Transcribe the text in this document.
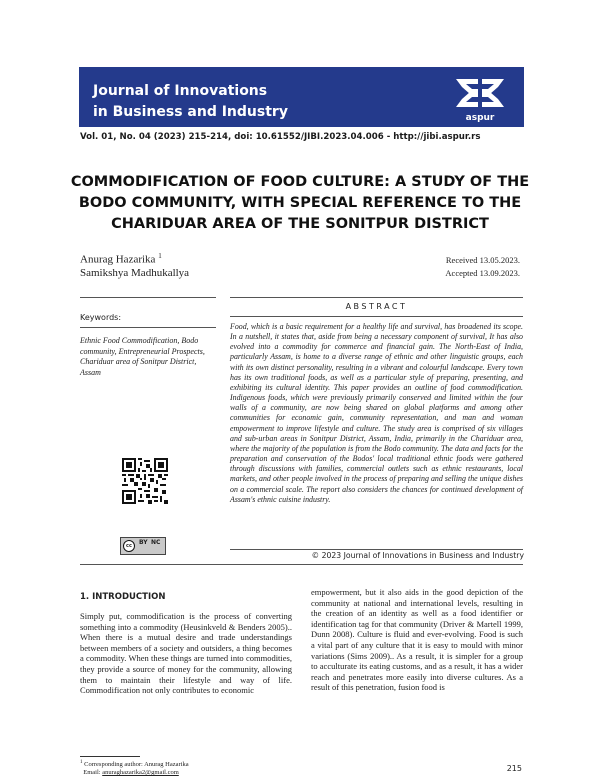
Journal of Innovations
in Business and Industry	aspur
Vol. 01, No. 04 (2023) 215-214, doi: 10.61552/JIBI.2023.04.006 - http://jibi.aspur.rs
COMMODIFICATION OF FOOD CULTURE: A STUDY OF THE
BODO COMMUNITY, WITH SPECIAL REFERENCE TO THE
CHARIDUAR AREA OF THE SONITPUR DISTRICT
Anurag Hazarika $^1$
Samikshya Madhukallya
Received 13.05.2023.
Accepted 13.09.2023.
Keywords:
Ethnic Food Commodification, Bodo community, Entrepreneurial Prospects, Chariduar area of Sonitpur District, Assam
ABSTRACT
Food, which is a basic requirement for a healthy life and survival, has broadened its scope. In a nutshell, it states that, aside from being a necessary component of survival, It has also evolved into a commodity for commerce and financial gain. The North-East of India, particularly Assam, is home to a diverse range of ethnic and other linguistic groups, each with its own distinct personality, resulting in a vibrant and colourful landscape. Every town has its own traditional foods, as well as a particular style of preparing, presenting, and exhibiting its cultural identity. This paper provides an outline of food commodification. Indigenous foods, which were previously primarily conserved and limited within the four walls of a community, are now being shared on global platforms and among other communities for economic gain, community representation, and man and woman empowerment to improve lifestyle and culture. The study area is comprised of six villages and sub-urban areas in Sonitpur District, Assam, India, primarily in the Chariduar area, where the majority of the population is from the Bodo community. The data and facts for the preparation and conservation of the Bodos' local traditional ethnic foods were gathered through discussions with families, commercial outlets such as ethnic restaurants, local markets, and other people involved in the process of preparing and selling the unique dishes on a commercial scale. The report also considers the chances for continued development of Assam's ethnic cuisine industry.
© 2023 Journal of Innovations in Business and Industry
cc	BY NC
1. INTRODUCTION
Simply put, commodification is the process of converting something into a commodity (Heusinkveld & Benders 2005).. When there is a mutual desire and trade understandings between members of a society and outsiders, a thing becomes a commodity. When these things are turned into commodities, they provide a source of money for the community, allowing them to maintain their lifestyle and way of life. Commodification not only contributes to economic
empowerment, but it also aids in the good depiction of the community at national and international levels, resulting in the creation of an identity as well as a food identifier or identification tag for that community (Driver & Martell 1999, Dunn 2008). Culture is fluid and ever-evolving. Food is such a vital part of any culture that it is easy to mould with minor variations (Sims 2009).. As a result, it is simpler for a group to acculturate its eating customs, and as a result, it has a wider reach and penetrates more easily into diverse cultures. As a result of this penetration, fusion food is
$^1$ Corresponding author: Anurag Hazarika
Email: anuraghazarika2@gmail.com	215
